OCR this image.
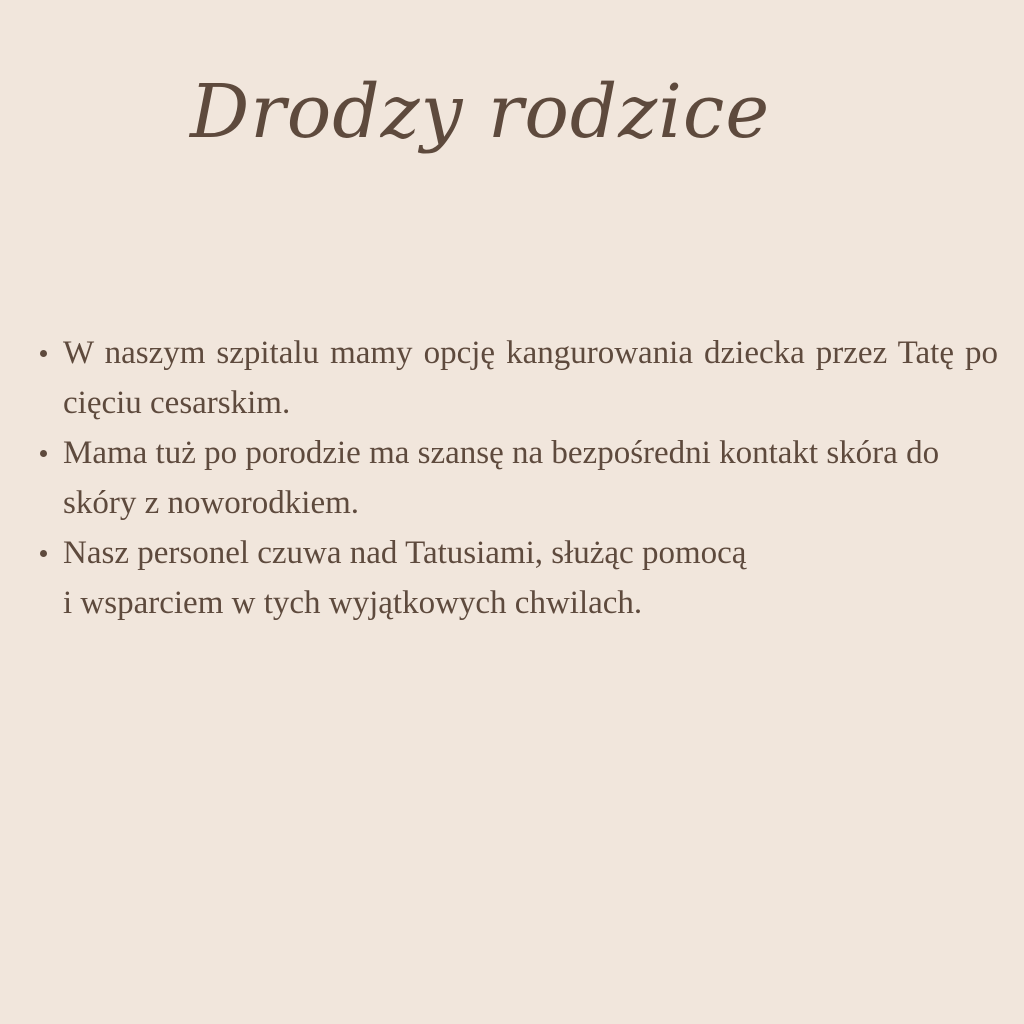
Drodzy rodzice
W naszym szpitalu mamy opcję kangurowania dziecka przez Tatę po cięciu cesarskim.
Mama tuż po porodzie ma szansę na bezpośredni kontakt skóra do skóry z noworodkiem.
Nasz personel czuwa nad Tatusiami, służąc pomocą
i wsparciem w tych wyjątkowych chwilach.
